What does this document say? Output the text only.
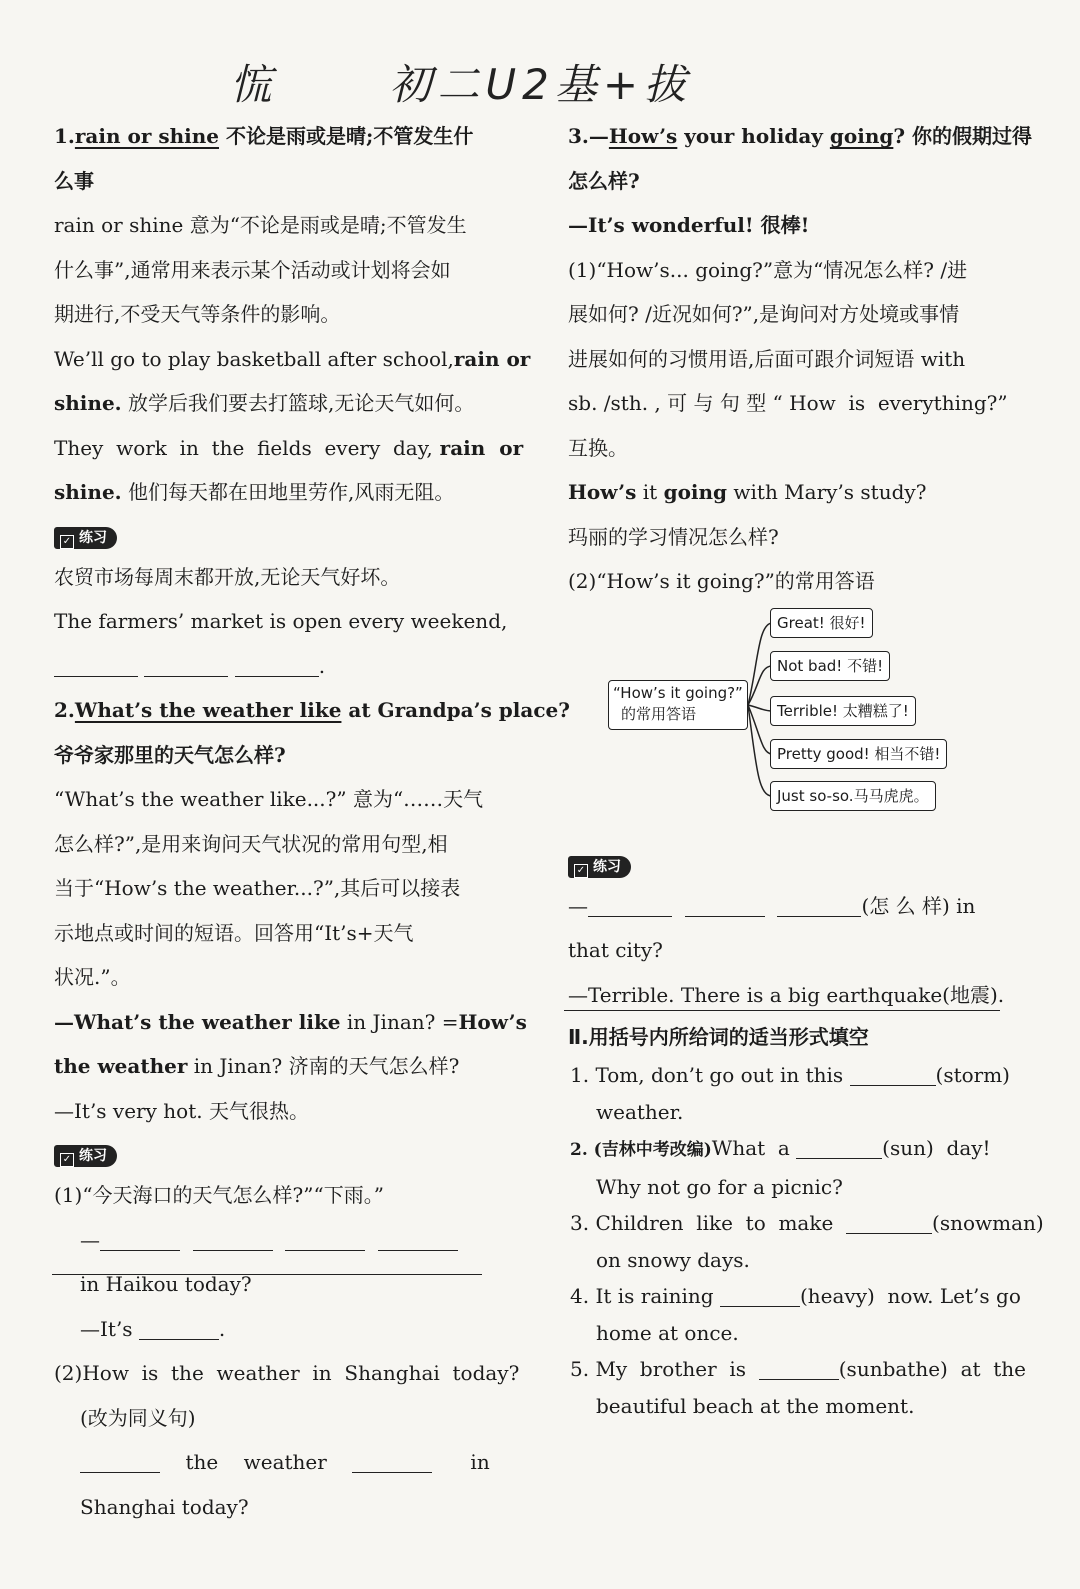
㤺	初二U2基+拔
1.rain or shine 不论是雨或是晴;不管发生什
么事
rain or shine 意为“不论是雨或是晴;不管发生
什么事”,通常用来表示某个活动或计划将会如
期进行,不受天气等条件的影响。
We’ll go to play basketball after school,rain or
shine. 放学后我们要去打篮球,无论天气如何。
They  work  in  the  fields  every  day, rain  or
shine. 他们每天都在田地里劳作,风雨无阻。
✓ 练习
农贸市场每周末都开放,无论天气好坏。
The farmers’ market is open every weekend,
.
2.What’s the weather like at Grandpa’s place?
爷爷家那里的天气怎么样?
“What’s the weather like...?” 意为“……天气
怎么样?”,是用来询问天气状况的常用句型,相
当于“How’s the weather...?”,其后可以接表
示地点或时间的短语。回答用“It’s+天气
状况.”。
—What’s the weather like in Jinan? =How’s
the weather in Jinan? 济南的天气怎么样?
—It’s very hot. 天气很热。
✓ 练习
(1)“今天海口的天气怎么样?”“下雨。”
—
in Haikou today?
—It’s	.
(2)How  is  the  weather  in  Shanghai  today?
(改为同义句)
the    weather	in
Shanghai today?
3.—How’s your holiday going? 你的假期过得
怎么样?
—It’s wonderful! 很棒!
(1)“How’s... going?”意为“情况怎么样? /进
展如何? /近况如何?”,是询问对方处境或事情
进展如何的习惯用语,后面可跟介词短语 with
sb. /sth. , 可 与 句 型 “ How  is  everything?”
互换。
How’s it going with Mary’s study?
玛丽的学习情况怎么样?
(2)“How’s it going?”的常用答语
“How’s it going?”
的常用答语
Great! 很好!
Not bad! 不错!
Terrible! 太糟糕了!
Pretty good! 相当不错!
Just so-so.马马虎虎。
✓ 练习
—	(怎 么 样) in
that city?
—Terrible. There is a big earthquake(地震).
Ⅱ.用括号内所给词的适当形式填空
1. Tom, don’t go out in this	(storm)
weather.
2. (吉林中考改编)What  a	(sun)  day!
Why not go for a picnic?
3. Children  like  to  make	(snowman)
on snowy days.
4. It is raining	(heavy)  now. Let’s go
home at once.
5. My  brother  is	(sunbathe)  at  the
beautiful beach at the moment.
